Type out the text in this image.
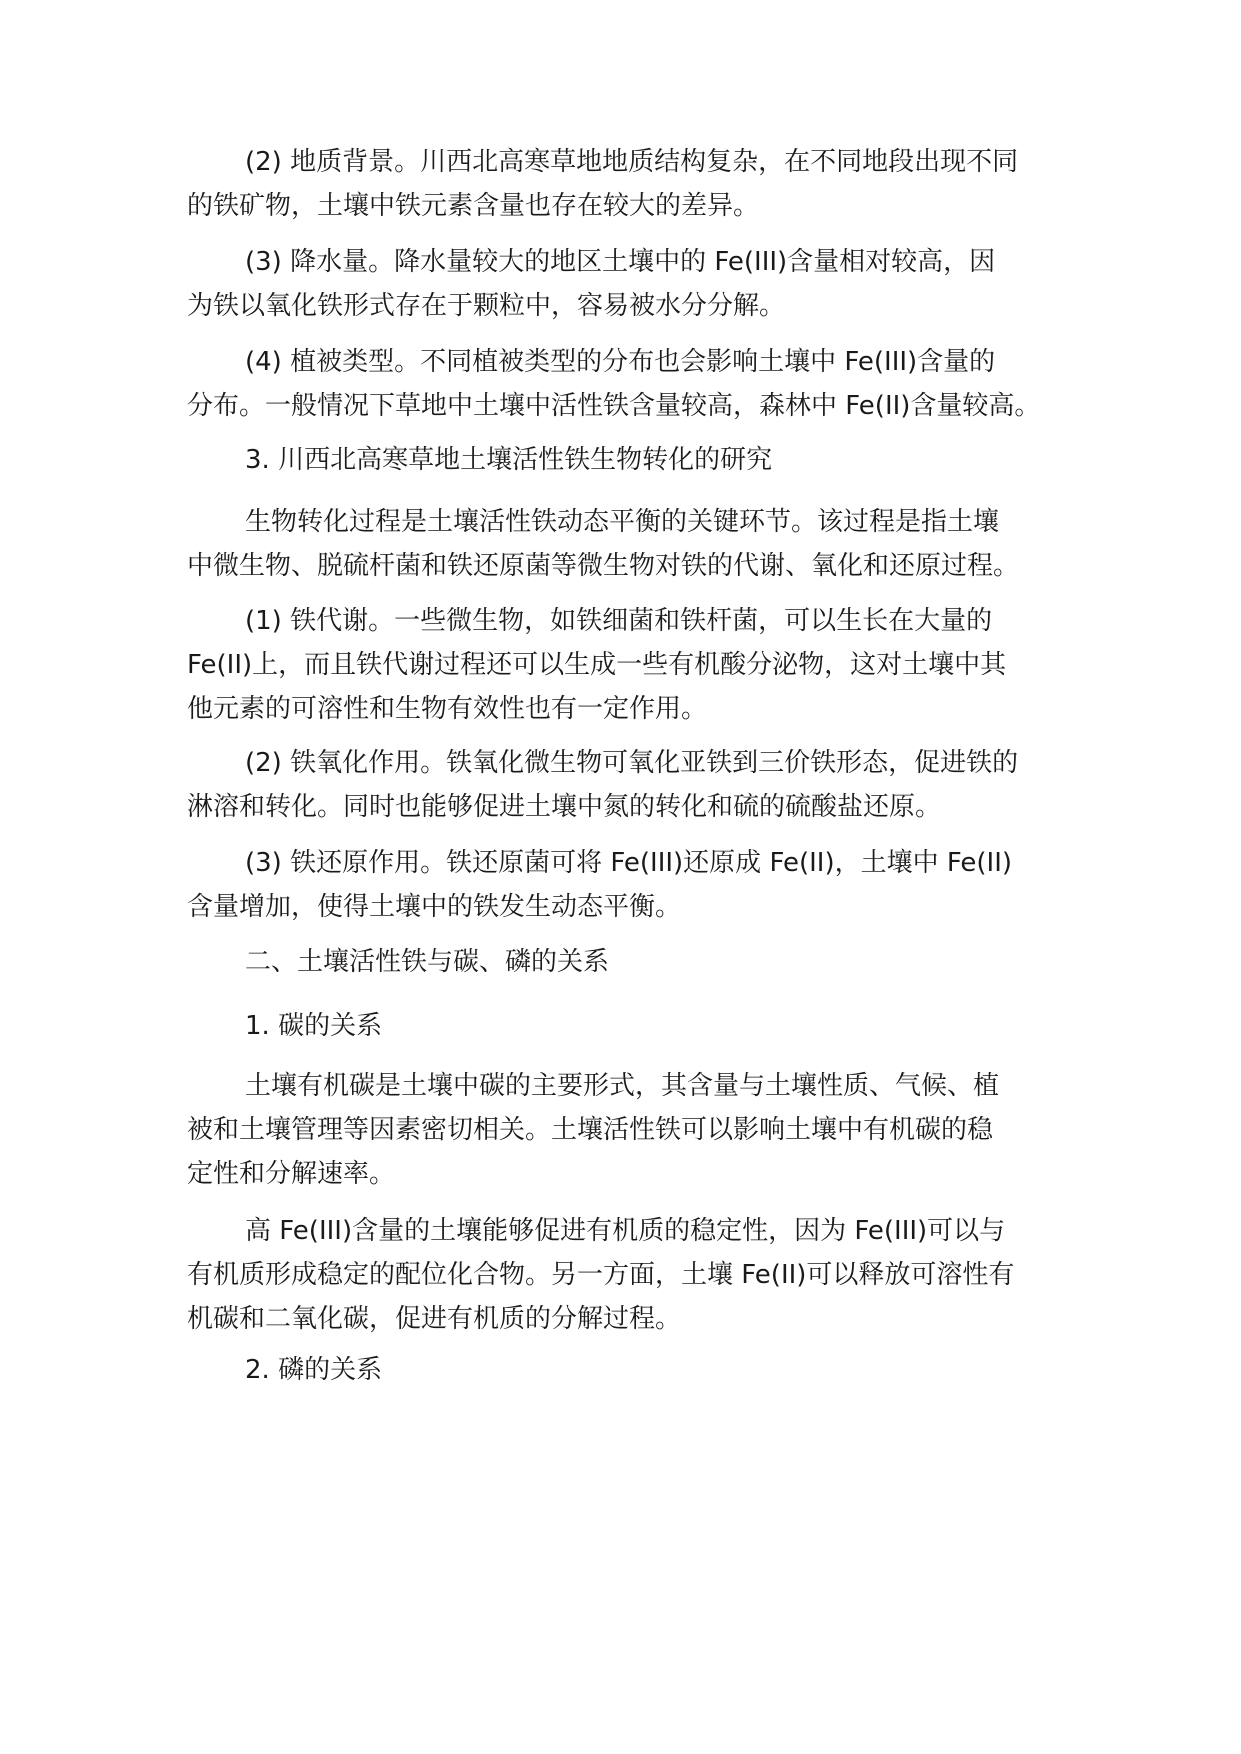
(2) 地质背景。川西北高寒草地地质结构复杂，在不同地段出现不同
的铁矿物，土壤中铁元素含量也存在较大的差异。
(3) 降水量。降水量较大的地区土壤中的 Fe(III)含量相对较高，因
为铁以氧化铁形式存在于颗粒中，容易被水分分解。
(4) 植被类型。不同植被类型的分布也会影响土壤中 Fe(III)含量的
分布。一般情况下草地中土壤中活性铁含量较高，森林中 Fe(II)含量较高。
3. 川西北高寒草地土壤活性铁生物转化的研究
生物转化过程是土壤活性铁动态平衡的关键环节。该过程是指土壤
中微生物、脱硫杆菌和铁还原菌等微生物对铁的代谢、氧化和还原过程。
(1) 铁代谢。一些微生物，如铁细菌和铁杆菌，可以生长在大量的
Fe(II)上，而且铁代谢过程还可以生成一些有机酸分泌物，这对土壤中其
他元素的可溶性和生物有效性也有一定作用。
(2) 铁氧化作用。铁氧化微生物可氧化亚铁到三价铁形态，促进铁的
淋溶和转化。同时也能够促进土壤中氮的转化和硫的硫酸盐还原。
(3) 铁还原作用。铁还原菌可将 Fe(III)还原成 Fe(II)，土壤中 Fe(II)
含量增加，使得土壤中的铁发生动态平衡。
二、土壤活性铁与碳、磷的关系
1. 碳的关系
土壤有机碳是土壤中碳的主要形式，其含量与土壤性质、气候、植
被和土壤管理等因素密切相关。土壤活性铁可以影响土壤中有机碳的稳
定性和分解速率。
高 Fe(III)含量的土壤能够促进有机质的稳定性，因为 Fe(III)可以与
有机质形成稳定的配位化合物。另一方面，土壤 Fe(II)可以释放可溶性有
机碳和二氧化碳，促进有机质的分解过程。
2. 磷的关系
